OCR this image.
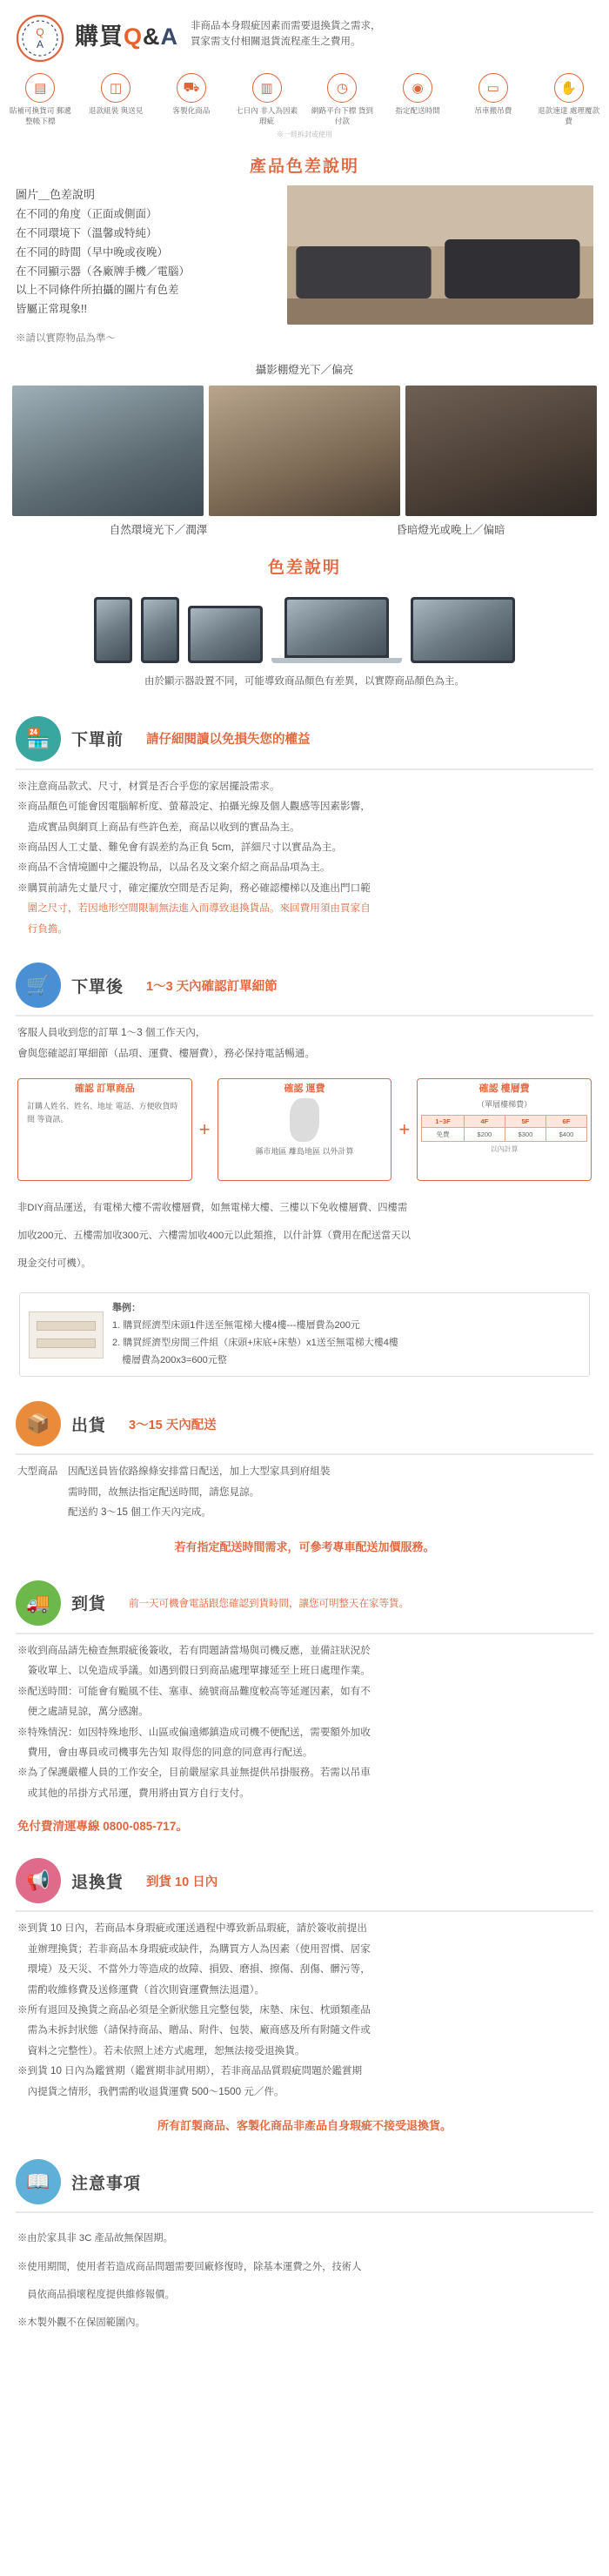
Q
A 購買Q&A 非商品本身瑕疵因素而需要退換貨之需求，
買家需支付相關退貨流程產生之費用。
▤
貼補可換貨司 郵遞整帳下標
◫
退款組裝 與送見
⛟
客製化商品
▥
七日內 非人為因素瑕疵
◷
網路平台下標 貨到付款
◉
指定配送時間
▭
吊車搬吊費
✋
退款速達 處理覆款費
※一經拆封或使用
產品色差說明
圖片＿色差說明
在不同的角度（正面或側面）
在不同環境下（溫馨或特純）
在不同的時間（早中晚或夜晚）
在不同顯示器（各廠牌手機／電腦）
以上不同條件所拍攝的圖片有色差
皆屬正常現象!!
※請以實際物品為準～
攝影棚燈光下／偏亮
自然環境光下／潤澤	昏暗燈光或晚上／偏暗
色差說明
由於顯示器設置不同，可能導致商品顏色有差異，以實際商品顏色為主。
🏪	下單前 請仔細閱讀以免損失您的權益

※注意商品款式、尺寸，材質是否合乎您的家居擺設需求。

※商品顏色可能會因電腦解析度、螢幕設定、拍攝光線及個人觀感等因素影響，

　造成實品與網頁上商品有些許色差，商品以收到的實品為主。

※商品因人工丈量、難免會有誤差約為正負 5cm，詳細尺寸以實品為主。

※商品不含情境圖中之擺設物品，以品名及文案介紹之商品品項為主。

※購買前請先丈量尺寸，確定擺放空間是否足夠，務必確認樓梯以及進出門口範

　圍之尺寸，若因地形空間限制無法進入而導致退換貨品。來回費用須由買家自

　行負擔。

🛒	下單後 1～3 天內確認訂單細節

客服人員收到您的訂單 1～3 個工作天內，

會與您確認訂單細節（品項、運費、樓層費），務必保持電話暢通。

確認 訂單商品
訂購人姓名、姓名、地址 電話、方便收貨時間 等資訊。	+
確認 運費
縣市地區 離島地區 以外計算
+
確認 樓層費
（單層樓梯費）
1~3F	4F	5F	6F
免費	$200	$300	$400
以內計算

非DIY商品運送，有電梯大樓不需收樓層費，如無電梯大樓、三樓以下免收樓層費、四樓需

加收200元、五樓需加收300元、六樓需加收400元以此類推，以什計算（費用在配送當天以

現金交付可機）。

舉例：
1. 購買經濟型床頭1件送至無電梯大樓4樓---樓層費為200元
2. 購買經濟型房間三件組（床頭+床底+床墊）x1送至無電梯大樓4樓
　樓層費為200x3=600元整
📦	出貨 3～15 天內配送

大型商品　因配送員皆依路線條安排當日配送，加上大型家具到府組裝

　　　　　需時間，故無法指定配送時間，請您見諒。

　　　　　配送約 3～15 個工作天內完成。

若有指定配送時間需求，可參考專車配送加價服務。
🚚	到貨 前一天可機會電話跟您確認到貨時間，讓您可明整天在家等貨。

※收到商品請先檢查無瑕疵後簽收，若有問題請當場與司機反應，並備註狀況於

　簽收單上、以免造成爭議。如遇到假日到商品處理單據延至上班日處理作業。

※配送時間：可能會有颱風不佳、塞車、繞號商品難度較高等延遲因素，如有不

　便之處請見諒，萬分感謝。

※特殊情況：如因特殊地形、山區或偏遠鄉鎮造成司機不便配送，需要額外加收

　費用，會由專員或司機事先告知 取得您的同意的同意再行配送。

※為了保護嚴權人員的工作安全，目前嚴屋家具並無提供吊掛服務。若需以吊車

　或其他的吊掛方式吊運，費用將由買方自行支付。

免付費清運專線 0800-085-717。
📢	退換貨 到貨 10 日內

※到貨 10 日內，若商品本身瑕疵或運送過程中導致新品瑕疵，請於簽收前提出

　並辦理換貨；若非商品本身瑕疵或缺件，為購買方人為因素（使用習慣、居家

　環境）及天災、不當外力等造成的故障、損毀、磨損、擦傷、刮傷、髒污等，

　需酌收維修費及送修運費（首次則資運費無法退還）。

※所有退回及換貨之商品必須是全新狀態且完整包裝，床墊、床包、枕頭類產品

　需為未拆封狀態（請保持商品、贈品、附件、包裝、廠商感及所有附隨文件或

　資料之完整性）。若未依照上述方式處理，恕無法接受退換貨。

※到貨 10 日內為鑑賞期（鑑賞期非試用期），若非商品品質瑕疵問題於鑑賞期

　內提貨之情形，我們需酌收退貨運費 500～1500 元／件。

所有訂製商品、客製化商品非產品自身瑕疵不接受退換貨。
📖	注意事項

※由於家具非 3C 產品故無保固期。

※使用期間，使用者若造成商品問題需要回廠修復時，除基本運費之外，技術人

　員依商品損壞程度提供維修報價。

※木製外觀不在保固範圍內。
